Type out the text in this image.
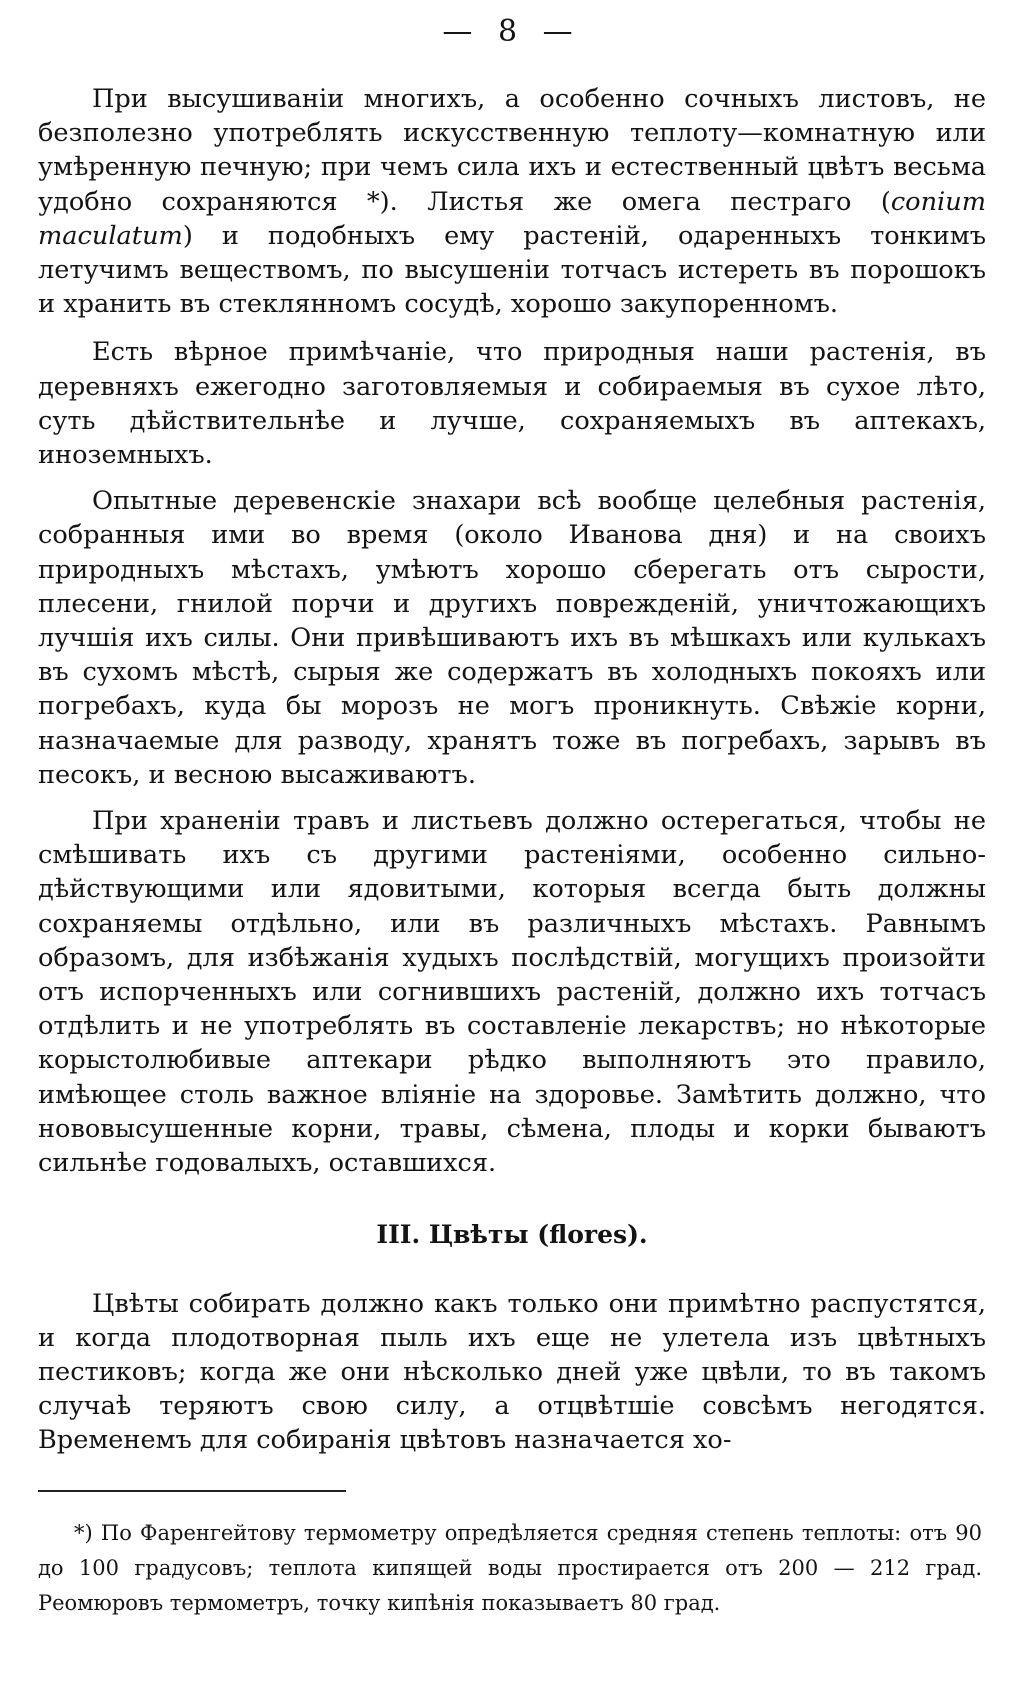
— 8 —

При высушиваніи многихъ, а особенно сочныхъ листовъ, не безполезно употреблять искусственную теплоту—комнатную или умѣренную печную; при чемъ сила ихъ и естественный цвѣтъ весьма удобно сохраняются *). Листья же омега пестраго (conium maculatum) и подобныхъ ему растеній, одаренныхъ тонкимъ летучимъ веществомъ, по высушеніи тотчасъ истереть въ порошокъ и хранить въ стеклянномъ сосудѣ, хорошо закупоренномъ.

Есть вѣрное примѣчаніе, что природныя наши растенія, въ деревняхъ ежегодно заготовляемыя и собираемыя въ сухое лѣто, суть дѣйствительнѣе и лучше, сохраняемыхъ въ аптекахъ, иноземныхъ.

Опытные деревенскіе знахари всѣ вообще целебныя растенія, собранныя ими во время (около Иванова дня) и на своихъ природныхъ мѣстахъ, умѣютъ хорошо сберегать отъ сырости, плесени, гнилой порчи и другихъ поврежденій, уничтожающихъ лучшія ихъ силы. Они привѣшиваютъ ихъ въ мѣшкахъ или кулькахъ въ сухомъ мѣстѣ, сырыя же содержатъ въ холодныхъ покояхъ или погребахъ, куда бы морозъ не могъ проникнуть. Свѣжіе корни, назначаемые для разводу, хранятъ тоже въ погребахъ, зарывъ въ песокъ, и весною высаживаютъ.

При храненіи травъ и листьевъ должно остерегаться, чтобы не смѣшивать ихъ съ другими растеніями, особенно сильно-дѣйствующими или ядовитыми, которыя всегда быть должны сохраняемы отдѣльно, или въ различныхъ мѣстахъ. Равнымъ образомъ, для избѣжанія худыхъ послѣдствій, могущихъ произойти отъ испорченныхъ или согнившихъ растеній, должно ихъ тотчасъ отдѣлить и не употреблять въ составленіе лекарствъ; но нѣкоторые корыстолюбивые аптекари рѣдко выполняютъ это правило, имѣющее столь важное вліяніе на здоровье. Замѣтить должно, что нововысушенные корни, травы, сѣмена, плоды и корки бываютъ сильнѣе годовалыхъ, оставшихся.

III. Цвѣты (flores).

Цвѣты собирать должно какъ только они примѣтно распустятся, и когда плодотворная пыль ихъ еще не улетела изъ цвѣтныхъ пестиковъ; когда же они нѣсколько дней уже цвѣли, то въ такомъ случаѣ теряютъ свою силу, а отцвѣтшіе совсѣмъ негодятся. Временемъ для собиранія цвѣтовъ назначается хо-

*) По Фаренгейтову термометру опредѣляется средняя степень теплоты: отъ 90 до 100 градусовъ; теплота кипящей воды простирается отъ 200 — 212 град. Реомюровъ термометръ, точку кипѣнія показываетъ 80 град.
